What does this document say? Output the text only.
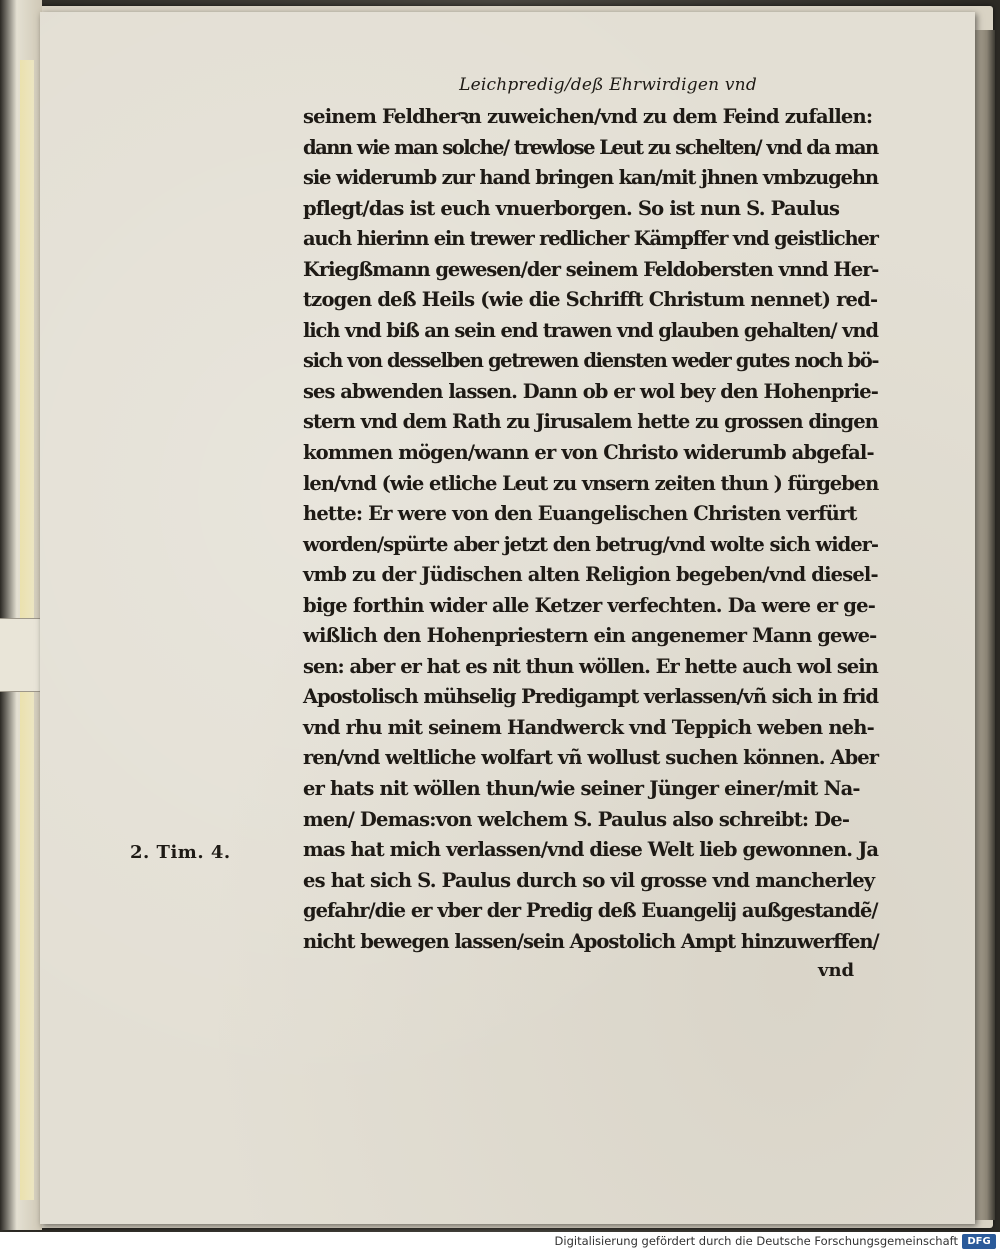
Leichpredig/deß Ehrwirdigen vnd
seinem Feldherꝛn zuweichen/vnd zu dem Feind zufallen:
dann wie man solche/ trewlose Leut zu schelten/ vnd da man
sie widerumb zur hand bringen kan/mit jhnen vmbzugehn
pflegt/das ist euch vnuerborgen. So ist nun S. Paulus
auch hierinn ein trewer redlicher Kämpffer vnd geistlicher
Kriegßmann gewesen/der seinem Feldobersten vnnd Her-
tzogen deß Heils (wie die Schrifft Christum nennet) red-
lich vnd biß an sein end trawen vnd glauben gehalten/ vnd
sich von desselben getrewen diensten weder gutes noch bö-
ses abwenden lassen. Dann ob er wol bey den Hohenprie-
stern vnd dem Rath zu Jirusalem hette zu grossen dingen
kommen mögen/wann er von Christo widerumb abgefal-
len/vnd (wie etliche Leut zu vnsern zeiten thun ) fürgeben
hette: Er were von den Euangelischen Christen verfürt
worden/spürte aber jetzt den betrug/vnd wolte sich wider-
vmb zu der Jüdischen alten Religion begeben/vnd diesel-
bige forthin wider alle Ketzer verfechten. Da were er ge-
wißlich den Hohenpriestern ein angenemer Mann gewe-
sen: aber er hat es nit thun wöllen. Er hette auch wol sein
Apostolisch mühselig Predigampt verlassen/vñ sich in frid
vnd rhu mit seinem Handwerck vnd Teppich weben neh-
ren/vnd weltliche wolfart vñ wollust suchen können. Aber
er hats nit wöllen thun/wie seiner Jünger einer/mit Na-
men/ Demas:von welchem S. Paulus also schreibt: De-
mas hat mich verlassen/vnd diese Welt lieb gewonnen. Ja
es hat sich S. Paulus durch so vil grosse vnd mancherley
gefahr/die er vber der Predig deß Euangelij außgestandẽ/
nicht bewegen lassen/sein Apostolich Ampt hinzuwerffen/
2. Tim. 4.
vnd
Digitalisierung gefördert durch die Deutsche Forschungsgemeinschaft DFG
